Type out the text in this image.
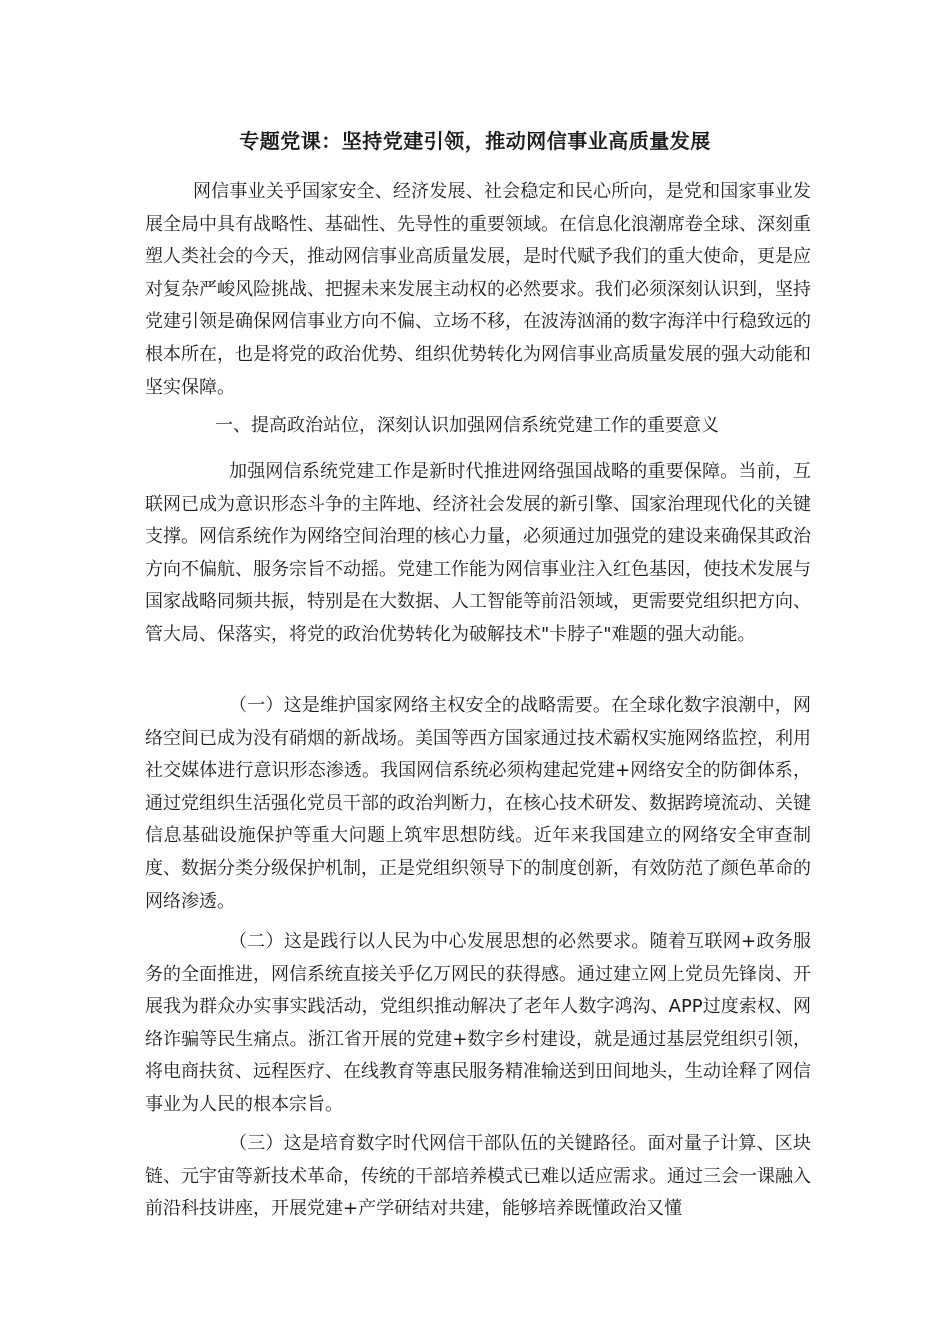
专题党课：坚持党建引领，推动网信事业高质量发展

网信事业关乎国家安全、经济发展、社会稳定和民心所向，是党和国家事业发展全局中具有战略性、基础性、先导性的重要领域。在信息化浪潮席卷全球、深刻重塑人类社会的今天，推动网信事业高质量发展，是时代赋予我们的重大使命，更是应对复杂严峻风险挑战、把握未来发展主动权的必然要求。我们必须深刻认识到，坚持党建引领是确保网信事业方向不偏、立场不移，在波涛汹涌的数字海洋中行稳致远的根本所在，也是将党的政治优势、组织优势转化为网信事业高质量发展的强大动能和坚实保障。

一、提高政治站位，深刻认识加强网信系统党建工作的重要意义

加强网信系统党建工作是新时代推进网络强国战略的重要保障。当前，互联网已成为意识形态斗争的主阵地、经济社会发展的新引擎、国家治理现代化的关键支撑。网信系统作为网络空间治理的核心力量，必须通过加强党的建设来确保其政治方向不偏航、服务宗旨不动摇。党建工作能为网信事业注入红色基因，使技术发展与国家战略同频共振，特别是在大数据、人工智能等前沿领域，更需要党组织把方向、管大局、保落实，将党的政治优势转化为破解技术"卡脖子"难题的强大动能。

（一）这是维护国家网络主权安全的战略需要。在全球化数字浪潮中，网络空间已成为没有硝烟的新战场。美国等西方国家通过技术霸权实施网络监控，利用社交媒体进行意识形态渗透。我国网信系统必须构建起党建+网络安全的防御体系，通过党组织生活强化党员干部的政治判断力，在核心技术研发、数据跨境流动、关键信息基础设施保护等重大问题上筑牢思想防线。近年来我国建立的网络安全审查制度、数据分类分级保护机制，正是党组织领导下的制度创新，有效防范了颜色革命的网络渗透。

（二）这是践行以人民为中心发展思想的必然要求。随着互联网+政务服务的全面推进，网信系统直接关乎亿万网民的获得感。通过建立网上党员先锋岗、开展我为群众办实事实践活动，党组织推动解决了老年人数字鸿沟、APP过度索权、网络诈骗等民生痛点。浙江省开展的党建+数字乡村建设，就是通过基层党组织引领，将电商扶贫、远程医疗、在线教育等惠民服务精准输送到田间地头，生动诠释了网信事业为人民的根本宗旨。

（三）这是培育数字时代网信干部队伍的关键路径。面对量子计算、区块链、元宇宙等新技术革命，传统的干部培养模式已难以适应需求。通过三会一课融入前沿科技讲座，开展党建+产学研结对共建，能够培养既懂政治又懂
